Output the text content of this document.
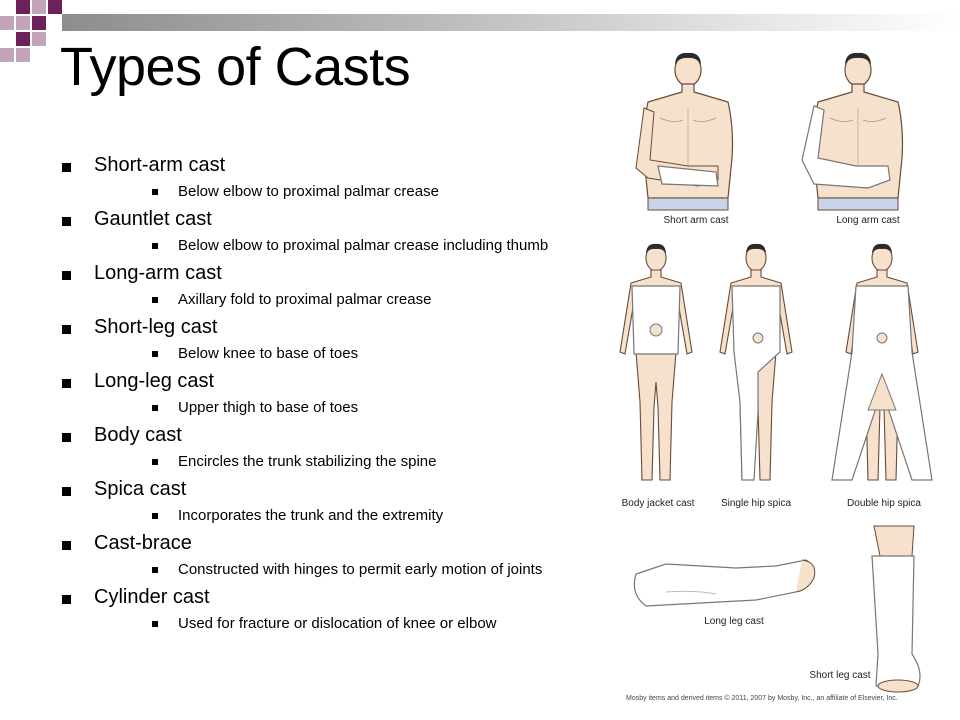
Types of Casts
Short-arm cast
Below elbow to proximal palmar crease
Gauntlet cast
Below elbow to proximal palmar crease including thumb
Long-arm cast
Axillary fold to proximal palmar crease
Short-leg cast
Below knee to base of toes
Long-leg cast
Upper thigh to base of toes
Body cast
Encircles the trunk stabilizing the spine
Spica cast
Incorporates the trunk and the extremity
Cast-brace
Constructed with hinges to permit early motion of joints
Cylinder cast
Used for fracture or dislocation of knee or elbow
Short arm cast	Long arm cast
Body jacket cast	Single hip spica	Double hip spica
Long leg cast
Short leg cast
Mosby items and derived items © 2011, 2007 by Mosby, Inc., an affiliate of Elsevier, Inc.
